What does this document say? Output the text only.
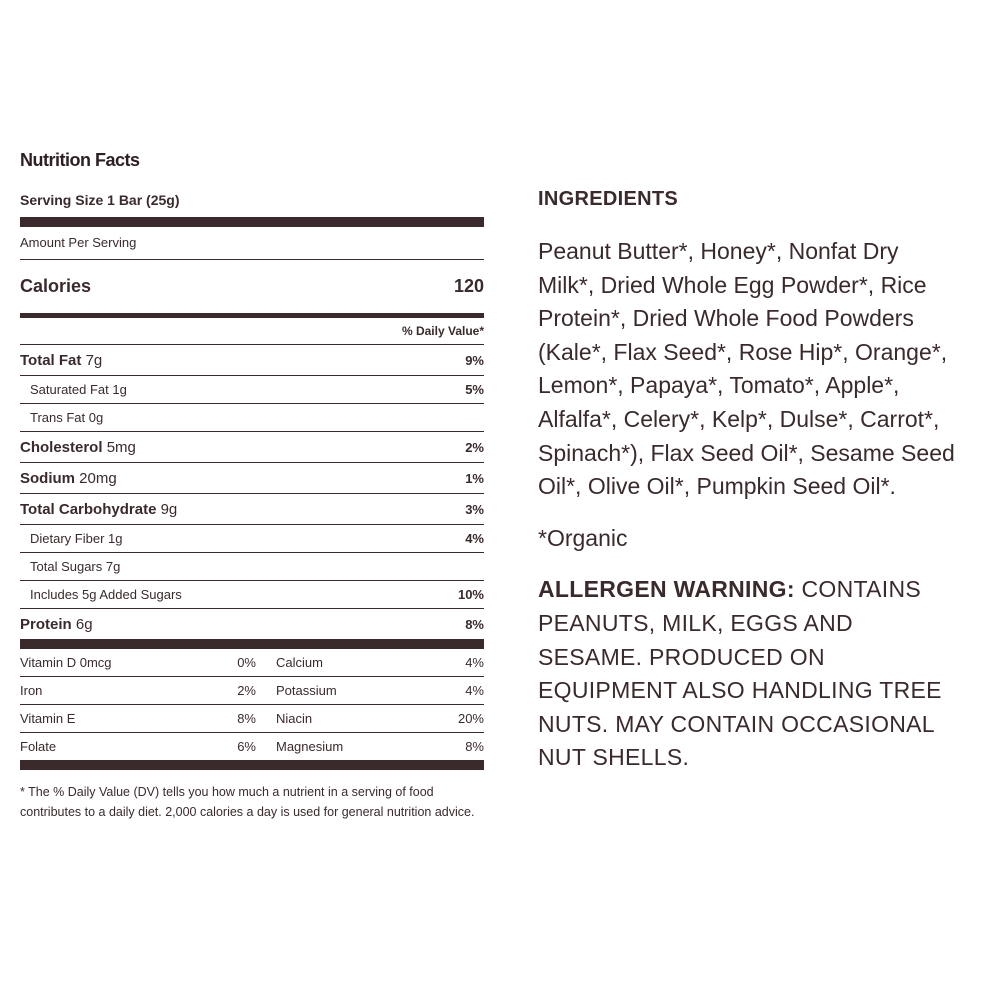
Nutrition Facts
Serving Size 1 Bar (25g)
Amount Per Serving
Calories	120
% Daily Value*
Total Fat 7g	9%
Saturated Fat 1g	5%
Trans Fat 0g
Cholesterol 5mg	2%
Sodium 20mg	1%
Total Carbohydrate 9g	3%
Dietary Fiber 1g	4%
Total Sugars 7g
Includes 5g Added Sugars	10%
Protein 6g	8%
Vitamin D 0mcg	0% Calcium	4%
Iron	2% Potassium	4%
Vitamin E	8% Niacin	20%
Folate	6% Magnesium	8%
* The % Daily Value (DV) tells you how much a nutrient in a serving of food contributes to a daily diet. 2,000 calories a day is used for general nutrition advice.
INGREDIENTS
Peanut Butter*, Honey*, Nonfat Dry Milk*, Dried Whole Egg Powder*, Rice Protein*, Dried Whole Food Powders (Kale*, Flax Seed*, Rose Hip*, Orange*, Lemon*, Papaya*, Tomato*, Apple*, Alfalfa*, Celery*, Kelp*, Dulse*, Carrot*, Spinach*), Flax Seed Oil*, Sesame Seed Oil*, Olive Oil*, Pumpkin Seed Oil*.
*Organic
ALLERGEN WARNING: CONTAINS PEANUTS, MILK, EGGS AND SESAME. PRODUCED ON EQUIPMENT ALSO HANDLING TREE NUTS. MAY CONTAIN OCCASIONAL NUT SHELLS.
